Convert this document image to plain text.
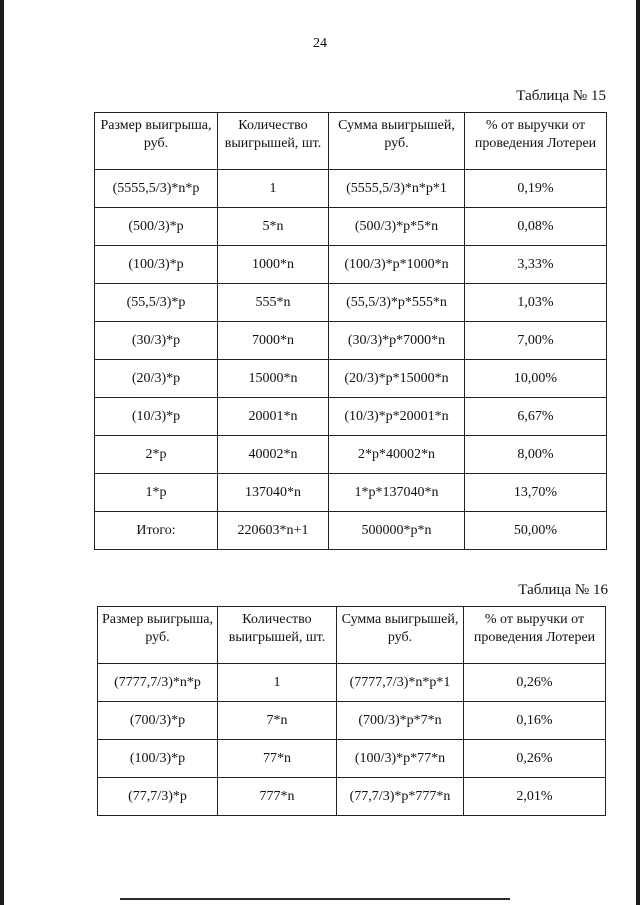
24
Таблица № 15
Размер выигрыша, руб.	Количество выигрышей, шт.	Сумма выигрышей, руб.	% от выручки от проведения Лотереи
(5555,5/3)*n*p	1	(5555,5/3)*n*p*1	0,19%
(500/3)*p	5*n	(500/3)*p*5*n	0,08%
(100/3)*p	1000*n	(100/3)*p*1000*n	3,33%
(55,5/3)*p	555*n	(55,5/3)*p*555*n	1,03%
(30/3)*p	7000*n	(30/3)*p*7000*n	7,00%
(20/3)*p	15000*n	(20/3)*p*15000*n	10,00%
(10/3)*p	20001*n	(10/3)*p*20001*n	6,67%
2*p	40002*n	2*p*40002*n	8,00%
1*p	137040*n	1*p*137040*n	13,70%
Итого:	220603*n+1	500000*p*n	50,00%
Таблица № 16
Размер выигрыша, руб.	Количество выигрышей, шт.	Сумма выигрышей, руб.	% от выручки от проведения Лотереи
(7777,7/3)*n*p	1	(7777,7/3)*n*p*1	0,26%
(700/3)*p	7*n	(700/3)*p*7*n	0,16%
(100/3)*p	77*n	(100/3)*p*77*n	0,26%
(77,7/3)*p	777*n	(77,7/3)*p*777*n	2,01%
